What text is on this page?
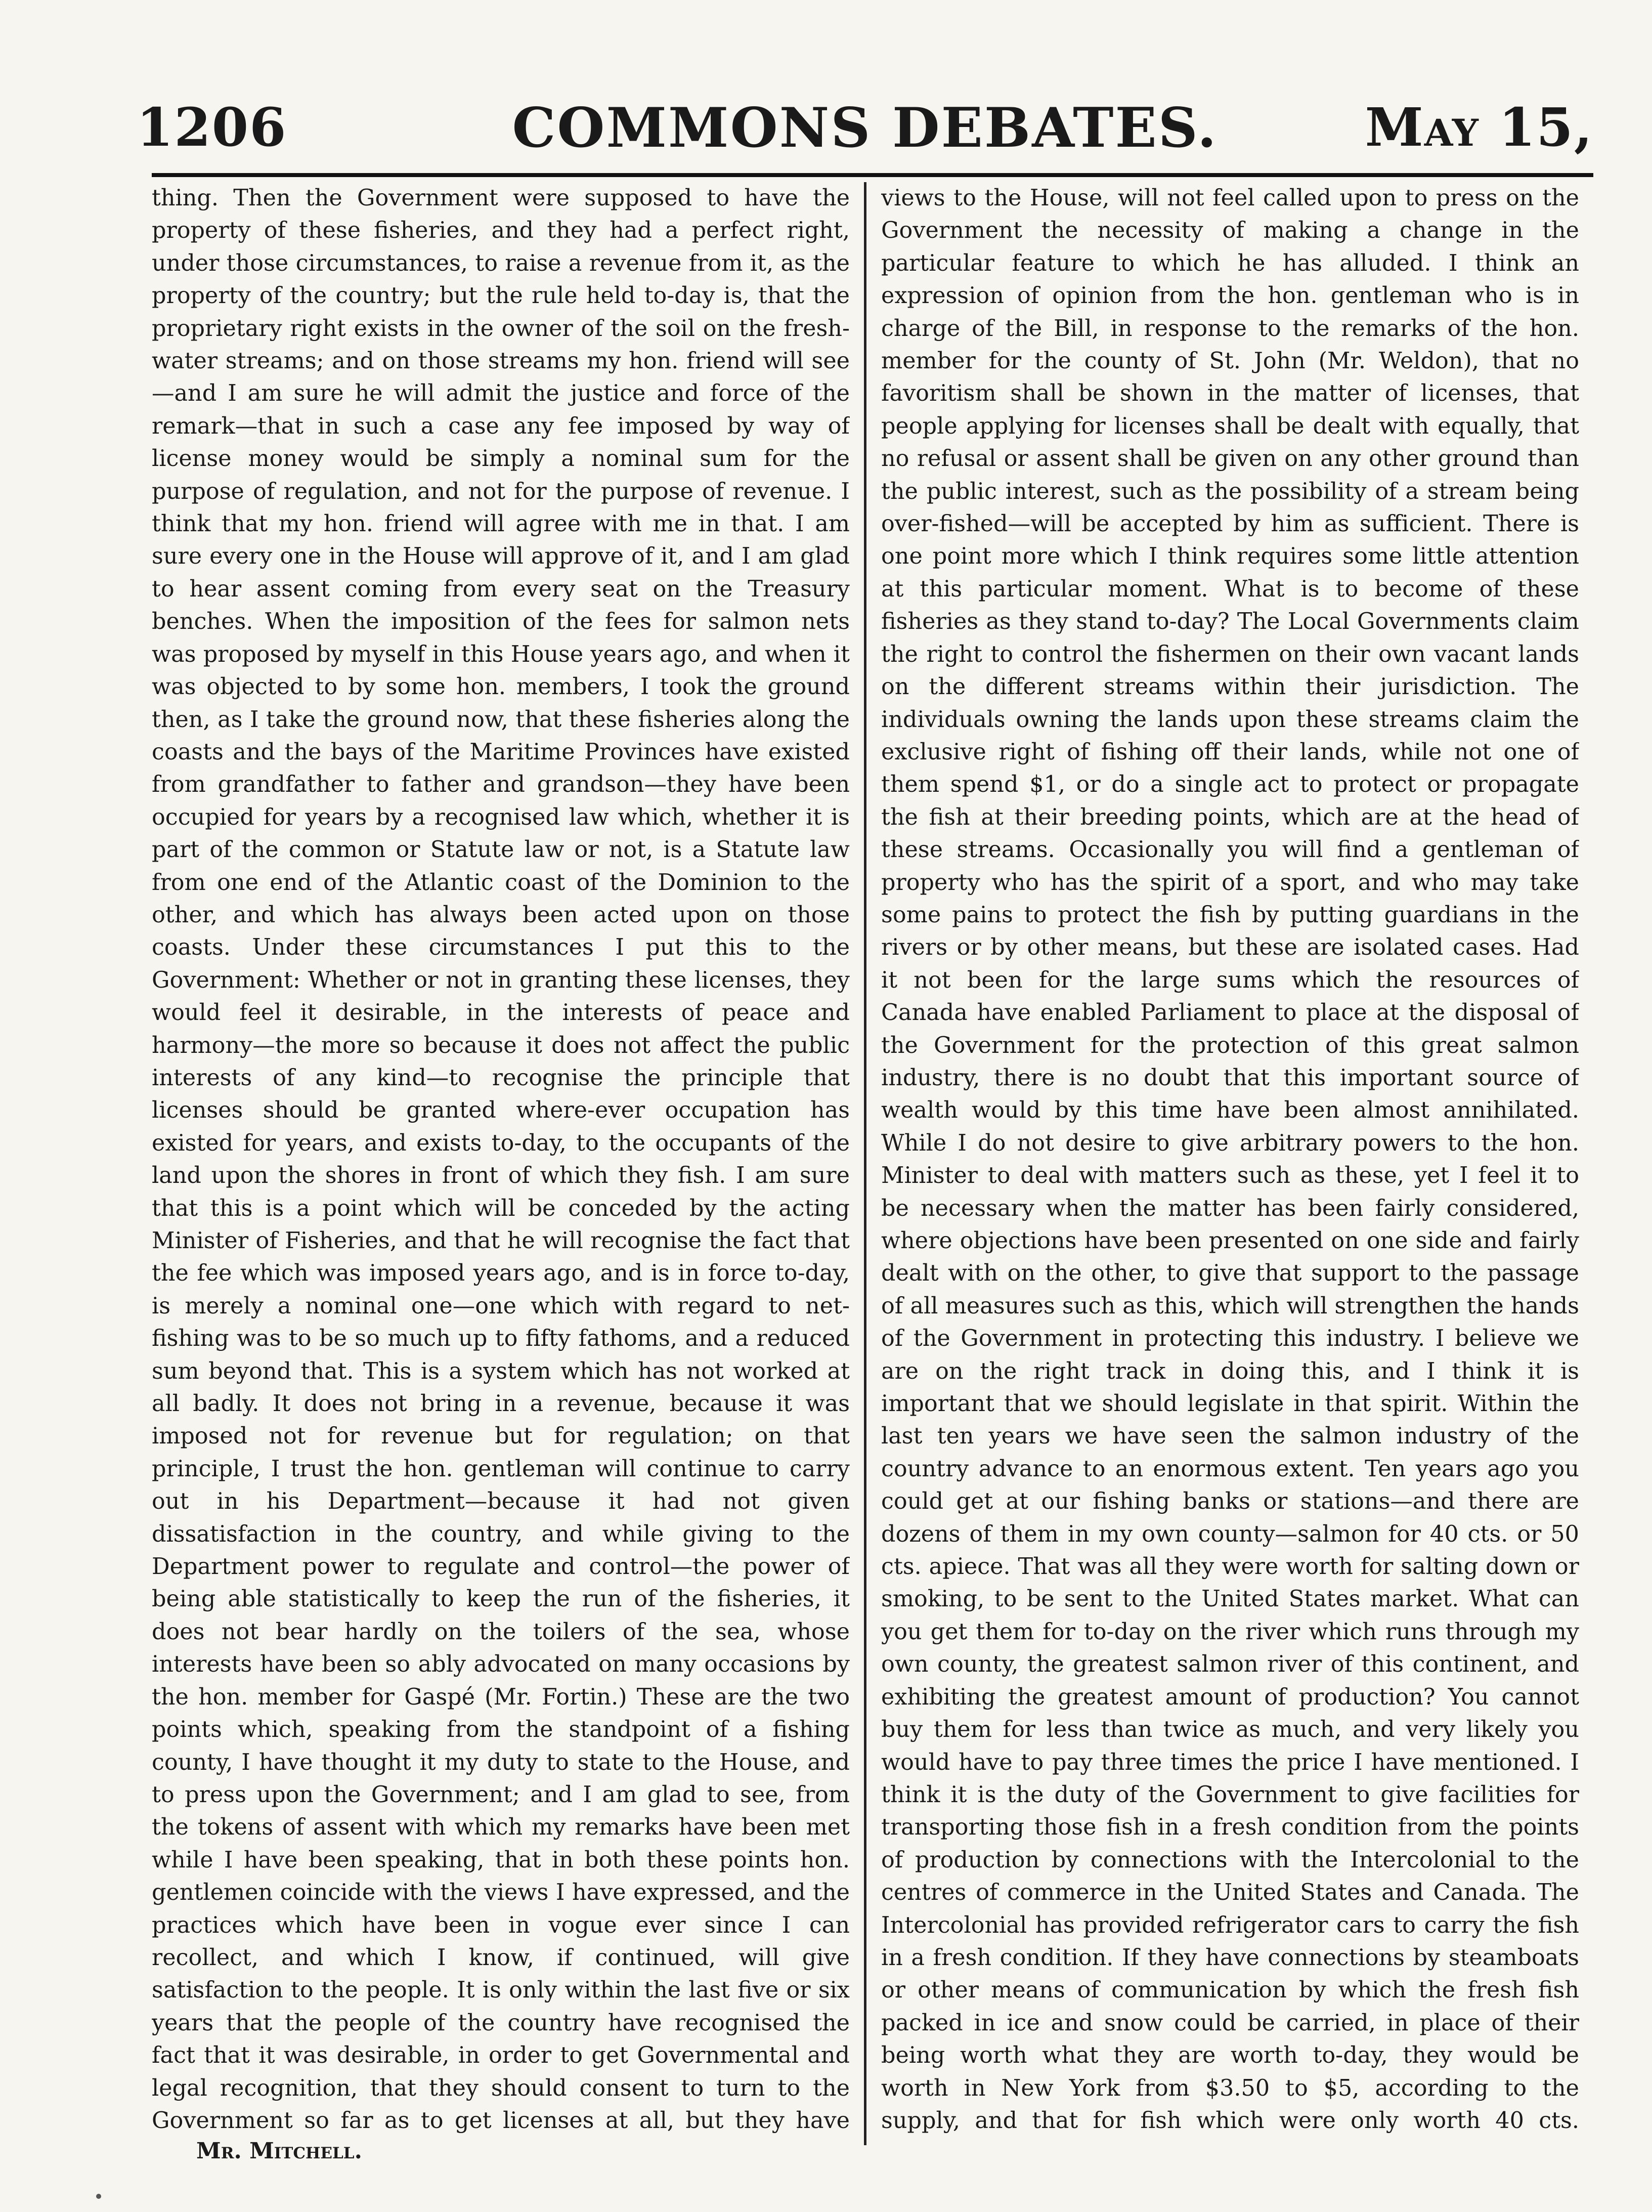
1206	COMMONS DEBATES.	May 15,

thing. Then the Government were supposed to have the property of these fisheries, and they had a perfect right, under those circumstances, to raise a revenue from it, as the property of the country; but the rule held to-day is, that the proprietary right exists in the owner of the soil on the fresh-water streams; and on those streams my hon. friend will see—and I am sure he will admit the justice and force of the remark—that in such a case any fee imposed by way of license money would be simply a nominal sum for the purpose of regulation, and not for the purpose of revenue. I think that my hon. friend will agree with me in that. I am sure every one in the House will approve of it, and I am glad to hear assent coming from every seat on the Treasury benches. When the imposition of the fees for salmon nets was proposed by myself in this House years ago, and when it was objected to by some hon. members, I took the ground then, as I take the ground now, that these fisheries along the coasts and the bays of the Maritime Provinces have existed from grandfather to father and grandson—they have been occupied for years by a recognised law which, whether it is part of the common or Statute law or not, is a Statute law from one end of the Atlantic coast of the Dominion to the other, and which has always been acted upon on those coasts. Under these circumstances I put this to the Government: Whether or not in granting these licenses, they would feel it desirable, in the interests of peace and harmony—the more so because it does not affect the public interests of any kind—to recognise the principle that licenses should be granted where-ever occupation has existed for years, and exists to-day, to the occupants of the land upon the shores in front of which they fish. I am sure that this is a point which will be conceded by the acting Minister of Fisheries, and that he will recognise the fact that the fee which was imposed years ago, and is in force to-day, is merely a nominal one—one which with regard to net-fishing was to be so much up to fifty fathoms, and a reduced sum beyond that. This is a system which has not worked at all badly. It does not bring in a revenue, because it was imposed not for revenue but for regulation; on that principle, I trust the hon. gentleman will continue to carry out in his Department—because it had not given dissatisfaction in the country, and while giving to the Department power to regulate and control—the power of being able statistically to keep the run of the fisheries, it does not bear hardly on the toilers of the sea, whose interests have been so ably advocated on many occasions by the hon. member for Gaspé (Mr. Fortin.) These are the two points which, speaking from the standpoint of a fishing county, I have thought it my duty to state to the House, and to press upon the Government; and I am glad to see, from the tokens of assent with which my remarks have been met while I have been speaking, that in both these points hon. gentlemen coincide with the views I have expressed, and the practices which have been in vogue ever since I can recollect, and which I know, if continued, will give satisfaction to the people. It is only within the last five or six years that the people of the country have recognised the fact that it was desirable, in order to get Governmental and legal recognition, that they should consent to turn to the Government so far as to get licenses at all, but they have

views to the House, will not feel called upon to press on the Government the necessity of making a change in the particular feature to which he has alluded. I think an expression of opinion from the hon. gentleman who is in charge of the Bill, in response to the remarks of the hon. member for the county of St. John (Mr. Weldon), that no favoritism shall be shown in the matter of licenses, that people applying for licenses shall be dealt with equally, that no refusal or assent shall be given on any other ground than the public interest, such as the possibility of a stream being over-fished—will be accepted by him as sufficient. There is one point more which I think requires some little attention at this particular moment. What is to become of these fisheries as they stand to-day? The Local Governments claim the right to control the fishermen on their own vacant lands on the different streams within their jurisdiction. The individuals owning the lands upon these streams claim the exclusive right of fishing off their lands, while not one of them spend $1, or do a single act to protect or propagate the fish at their breeding points, which are at the head of these streams. Occasionally you will find a gentleman of property who has the spirit of a sport, and who may take some pains to protect the fish by putting guardians in the rivers or by other means, but these are isolated cases. Had it not been for the large sums which the resources of Canada have enabled Parliament to place at the disposal of the Government for the protection of this great salmon industry, there is no doubt that this important source of wealth would by this time have been almost annihilated. While I do not desire to give arbitrary powers to the hon. Minister to deal with matters such as these, yet I feel it to be necessary when the matter has been fairly considered, where objections have been presented on one side and fairly dealt with on the other, to give that support to the passage of all measures such as this, which will strengthen the hands of the Government in protecting this industry. I believe we are on the right track in doing this, and I think it is important that we should legislate in that spirit. Within the last ten years we have seen the salmon industry of the country advance to an enormous extent. Ten years ago you could get at our fishing banks or stations—and there are dozens of them in my own county—salmon for 40 cts. or 50 cts. apiece. That was all they were worth for salting down or smoking, to be sent to the United States market. What can you get them for to-day on the river which runs through my own county, the greatest salmon river of this continent, and exhibiting the greatest amount of production? You cannot buy them for less than twice as much, and very likely you would have to pay three times the price I have mentioned. I think it is the duty of the Government to give facilities for transporting those fish in a fresh condition from the points of production by connections with the Intercolonial to the centres of commerce in the United States and Canada. The Intercolonial has provided refrigerator cars to carry the fish in a fresh condition. If they have connections by steamboats or other means of communication by which the fresh fish packed in ice and snow could be carried, in place of their being worth what they are worth to-day, they would be worth in New York from $3.50 to $5, according to the supply, and that for fish which were only worth 40 cts.

Mr. Mitchell.
